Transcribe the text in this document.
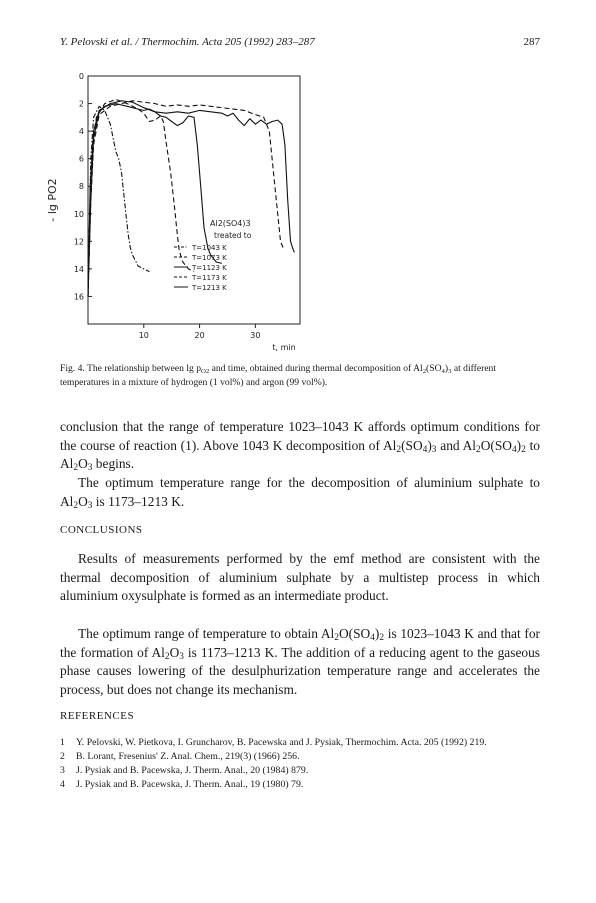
Y. Pelovski et al. / Thermochim. Acta 205 (1992) 283–287	287
0
2
4
6
8
10
12
14
16
10	20	30
t, min
- lg PO2
Al2(SO4)3
treated to
T=1043 K
T=1073 K
T=1123 K
T=1173 K
T=1213 K
Fig. 4. The relationship between $\lg p_{O2}$ and time, obtained during thermal decomposition of $Al_2(SO_4)_3$ at different temperatures in a mixture of hydrogen (1 vol%) and argon (99 vol%).

conclusion that the range of temperature 1023–1043 K affords optimum conditions for the course of reaction (1). Above 1043 K decomposition of $Al_2(SO_4)_3$ and $Al_2O(SO_4)_2$ to $Al_2O_3$ begins.

The optimum temperature range for the decomposition of aluminium sulphate to $Al_2O_3$ is 1173–1213 K.

CONCLUSIONS

Results of measurements performed by the emf method are consistent with the thermal decomposition of aluminium sulphate by a multistep process in which aluminium oxysulphate is formed as an intermediate product.

The optimum range of temperature to obtain $Al_2O(SO_4)_2$ is 1023–1043 K and that for the formation of $Al_2O_3$ is 1173–1213 K. The addition of a reducing agent to the gaseous phase causes lowering of the desulphurization temperature range and accelerates the process, but does not change its mechanism.

REFERENCES

1 Y. Pelovski, W. Pietkova, I. Gruncharov, B. Pacewska and J. Pysiak, Thermochim. Acta. 205 (1992) 219.
2 B. Lorant, Fresenius' Z. Anal. Chem., 219(3) (1966) 256.
3 J. Pysiak and B. Pacewska, J. Therm. Anal., 20 (1984) 879.
4 J. Pysiak and B. Pacewska, J. Therm. Anal., 19 (1980) 79.
